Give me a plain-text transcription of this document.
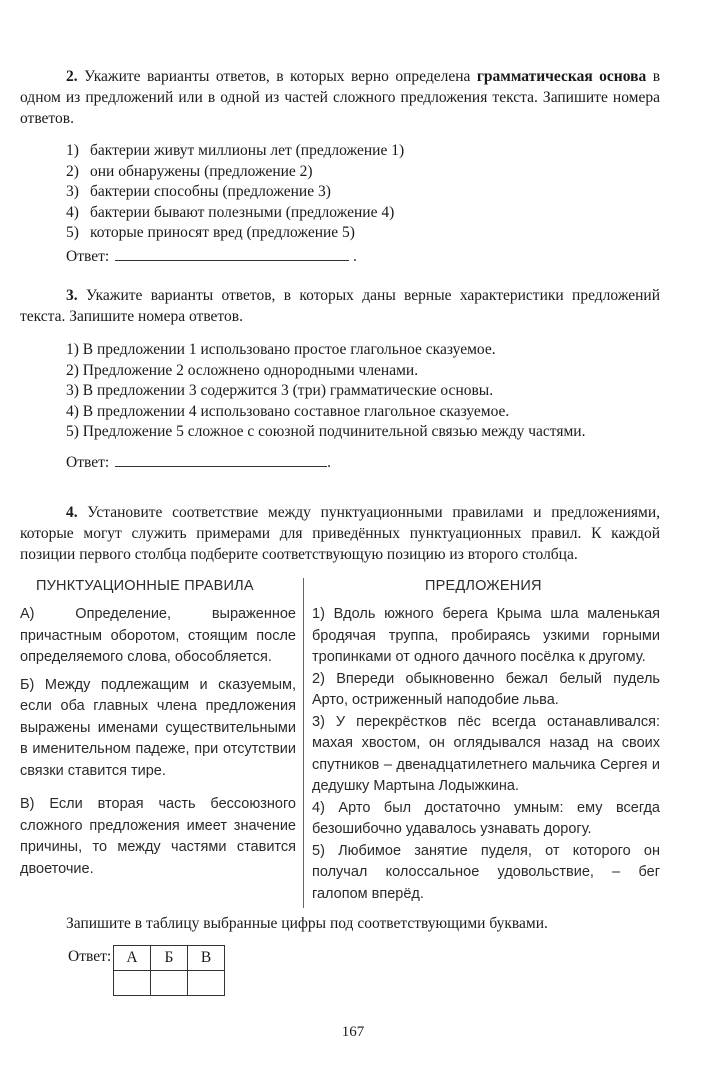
2. Укажите варианты ответов, в которых верно определена грамматическая основа в одном из предложений или в одной из частей сложного предложения текста. Запишите номера ответов.
1) бактерии живут миллионы лет (предложение 1)
2) они обнаружены (предложение 2)
3) бактерии способны (предложение 3)
4) бактерии бывают полезными (предложение 4)
5) которые приносят вред (предложение 5)
Ответ:	.
3. Укажите варианты ответов, в которых даны верные характеристики предложений текста. Запишите номера ответов.
1) В предложении 1 использовано простое глагольное сказуемое.
2) Предложение 2 осложнено однородными членами.
3) В предложении 3 содержится 3 (три) грамматические основы.
4) В предложении 4 использовано составное глагольное сказуемое.
5) Предложение 5 сложное с союзной подчинительной связью между частями.
Ответ:	.
4. Установите соответствие между пунктуационными правилами и предложениями, которые могут служить примерами для приведённых пунктуационных правил. К каждой позиции первого столбца подберите соответствующую позицию из второго столбца.
ПУНКТУАЦИОННЫЕ ПРАВИЛА	ПРЕДЛОЖЕНИЯ

А) Определение, выраженное причастным оборотом, стоящим после определяемого слова, обособляется.

Б) Между подлежащим и сказуемым, если оба главных члена предложения выражены именами существительными в именительном падеже, при отсутствии связки ставится тире.

В) Если вторая часть бессоюзного сложного предложения имеет значение причины, то между частями ставится двоеточие.

1) Вдоль южного берега Крыма шла маленькая бродячая труппа, пробираясь узкими горными тропинками от одного дачного посёлка к другому.

2) Впереди обыкновенно бежал белый пудель Арто, остриженный наподобие льва.

3) У перекрёстков пёс всегда останавливался: махая хвостом, он оглядывался назад на своих спутников – двенадцатилетнего мальчика Сергея и дедушку Мартына Лодыжкина.

4) Арто был достаточно умным: ему всегда безошибочно удавалось узнавать дорогу.

5) Любимое занятие пуделя, от которого он получал колоссальное удовольствие, – бег галопом вперёд.

Запишите в таблицу выбранные цифры под соответствующими буквами.
Ответ: А	Б	В

167
